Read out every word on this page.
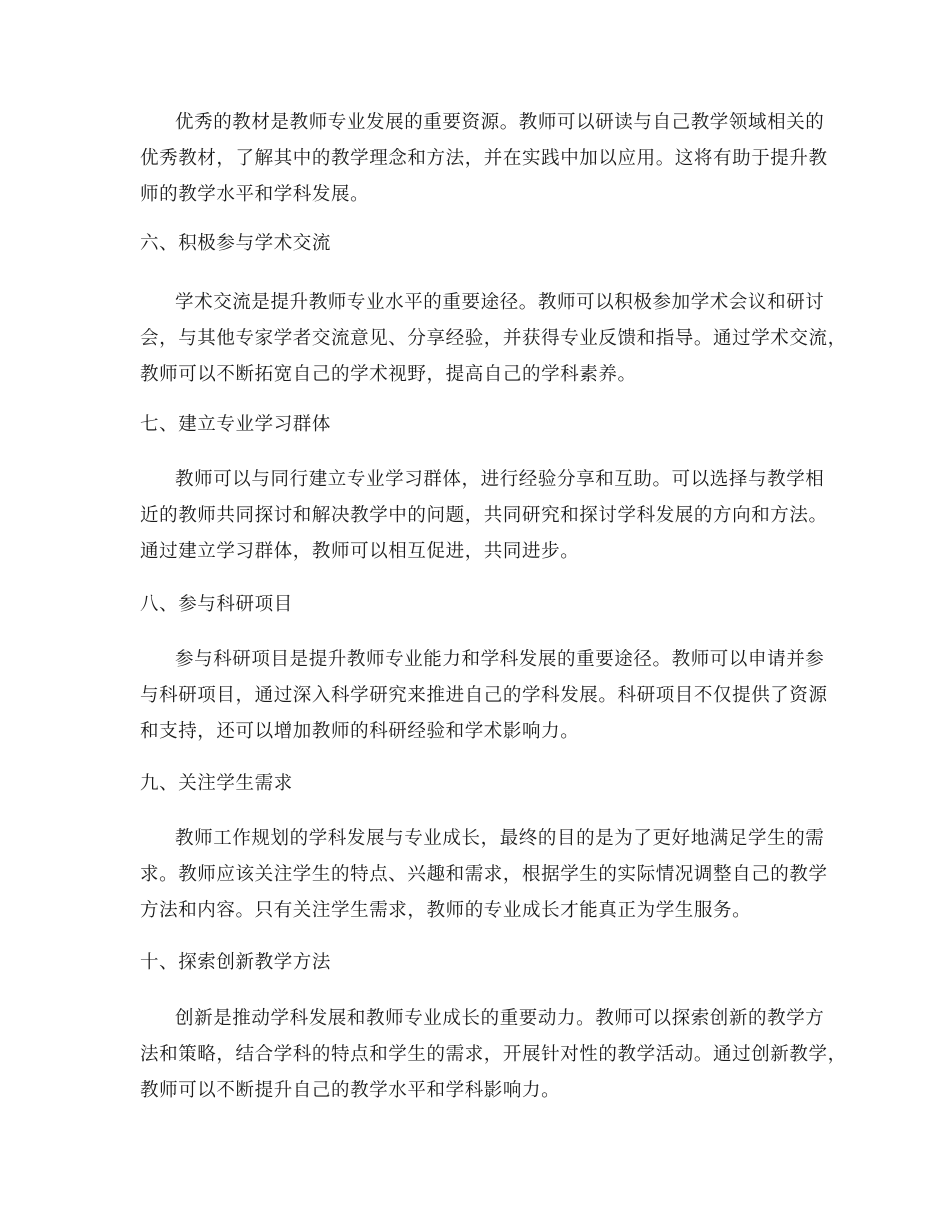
优秀的教材是教师专业发展的重要资源。教师可以研读与自己教学领域相关的
优秀教材，了解其中的教学理念和方法，并在实践中加以应用。这将有助于提升教
师的教学水平和学科发展。

六、积极参与学术交流

学术交流是提升教师专业水平的重要途径。教师可以积极参加学术会议和研讨
会，与其他专家学者交流意见、分享经验，并获得专业反馈和指导。通过学术交流，
教师可以不断拓宽自己的学术视野，提高自己的学科素养。

七、建立专业学习群体

教师可以与同行建立专业学习群体，进行经验分享和互助。可以选择与教学相
近的教师共同探讨和解决教学中的问题，共同研究和探讨学科发展的方向和方法。
通过建立学习群体，教师可以相互促进，共同进步。

八、参与科研项目

参与科研项目是提升教师专业能力和学科发展的重要途径。教师可以申请并参
与科研项目，通过深入科学研究来推进自己的学科发展。科研项目不仅提供了资源
和支持，还可以增加教师的科研经验和学术影响力。

九、关注学生需求

教师工作规划的学科发展与专业成长，最终的目的是为了更好地满足学生的需
求。教师应该关注学生的特点、兴趣和需求，根据学生的实际情况调整自己的教学
方法和内容。只有关注学生需求，教师的专业成长才能真正为学生服务。

十、探索创新教学方法

创新是推动学科发展和教师专业成长的重要动力。教师可以探索创新的教学方
法和策略，结合学科的特点和学生的需求，开展针对性的教学活动。通过创新教学，
教师可以不断提升自己的教学水平和学科影响力。
